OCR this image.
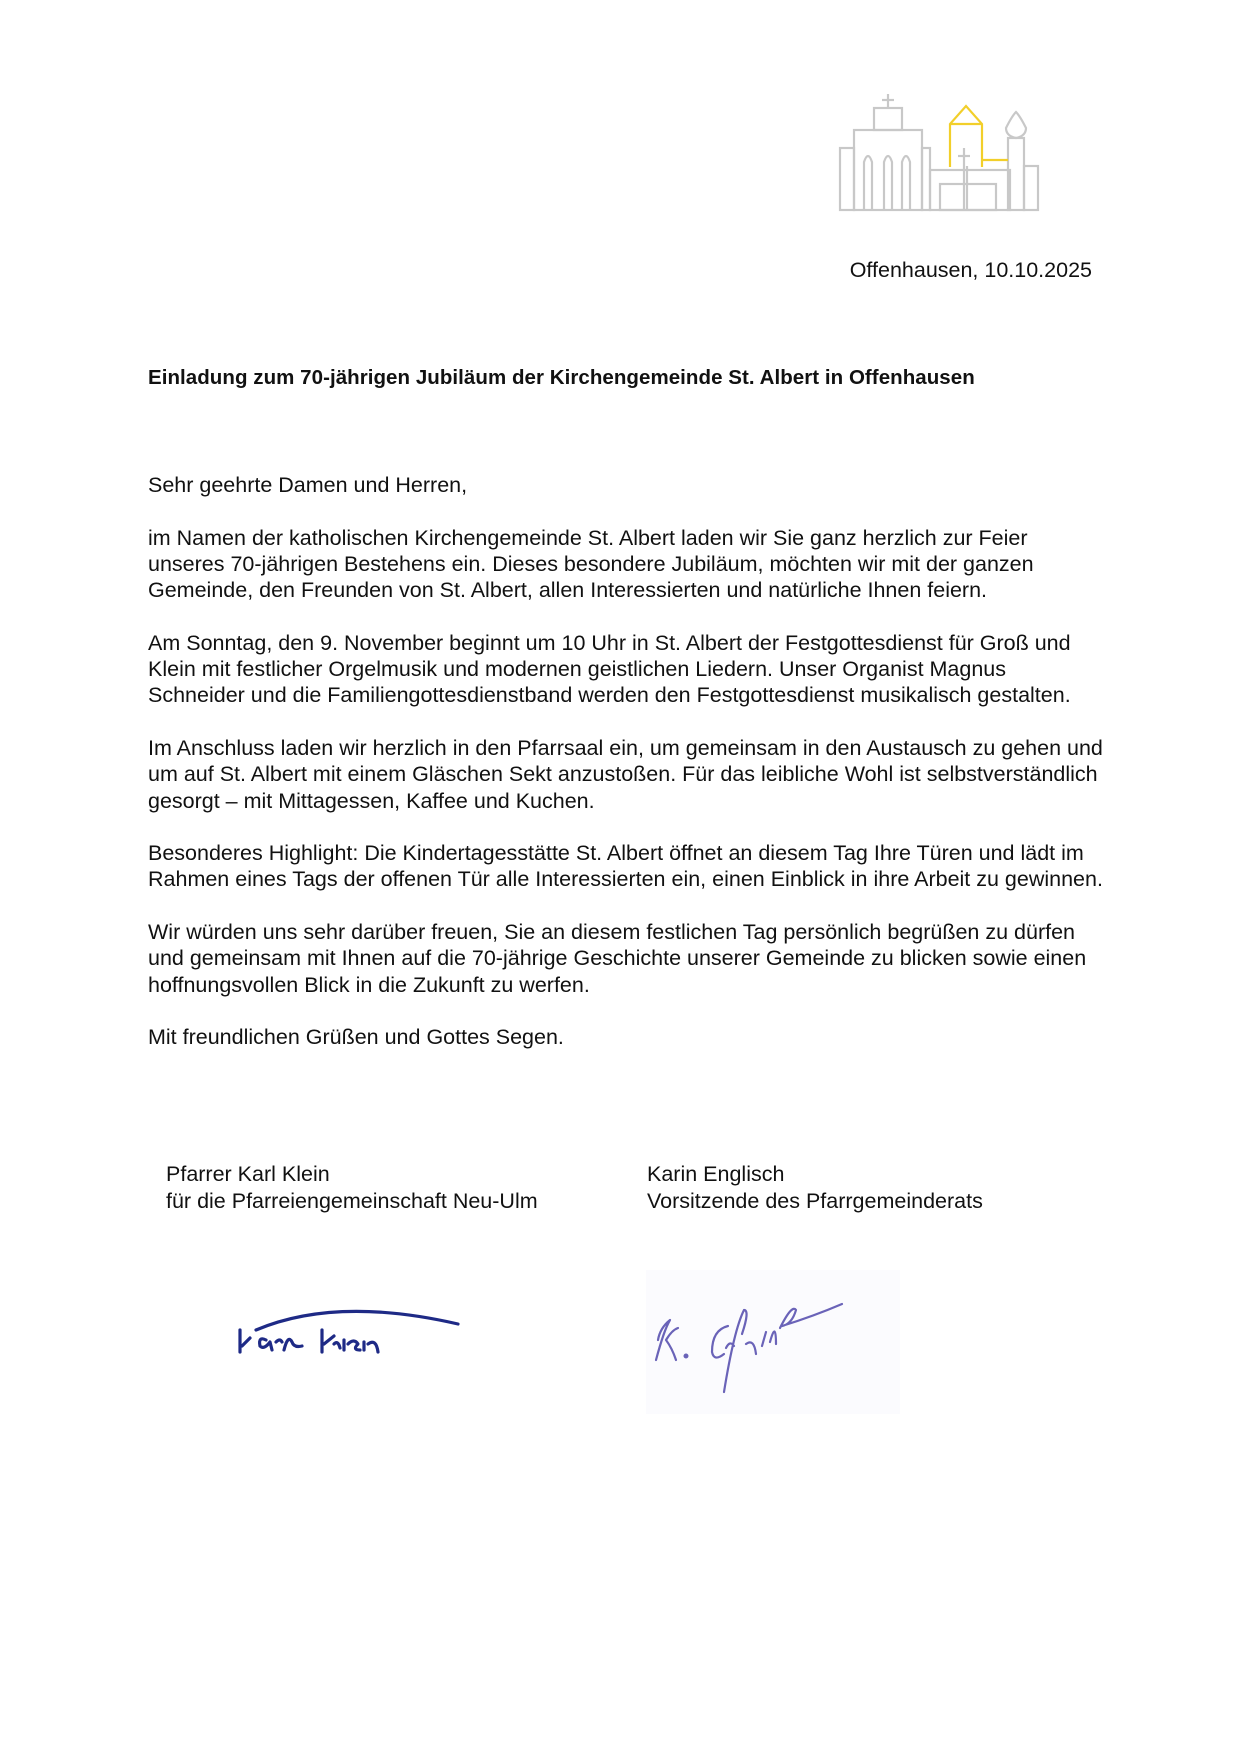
Offenhausen, 10.10.2025
Einladung zum 70-jährigen Jubiläum der Kirchengemeinde St. Albert in Offenhausen

Sehr geehrte Damen und Herren,

im Namen der katholischen Kirchengemeinde St. Albert laden wir Sie ganz herzlich zur Feier unseres 70-jährigen Bestehens ein. Dieses besondere Jubiläum, möchten wir mit der ganzen Gemeinde, den Freunden von St. Albert, allen Interessierten und natürliche Ihnen feiern.

Am Sonntag, den 9. November beginnt um 10 Uhr in St. Albert der Festgottesdienst für Groß und Klein mit festlicher Orgelmusik und modernen geistlichen Liedern. Unser Organist Magnus Schneider und die Familiengottesdienstband werden den Festgottesdienst musikalisch gestalten.

Im Anschluss laden wir herzlich in den Pfarrsaal ein, um gemeinsam in den Austausch zu gehen und um auf St. Albert mit einem Gläschen Sekt anzustoßen. Für das leibliche Wohl ist selbstverständlich gesorgt – mit Mittagessen, Kaffee und Kuchen.

Besonderes Highlight: Die Kindertagesstätte St. Albert öffnet an diesem Tag Ihre Türen und lädt im Rahmen eines Tags der offenen Tür alle Interessierten ein, einen Einblick in ihre Arbeit zu gewinnen.

Wir würden uns sehr darüber freuen, Sie an diesem festlichen Tag persönlich begrüßen zu dürfen und gemeinsam mit Ihnen auf die 70-jährige Geschichte unserer Gemeinde zu blicken sowie einen hoffnungsvollen Blick in die Zukunft zu werfen.

Mit freundlichen Grüßen und Gottes Segen.

Pfarrer Karl Klein
für die Pfarreiengemeinschaft Neu-Ulm
Karin Englisch
Vorsitzende des Pfarrgemeinderats
